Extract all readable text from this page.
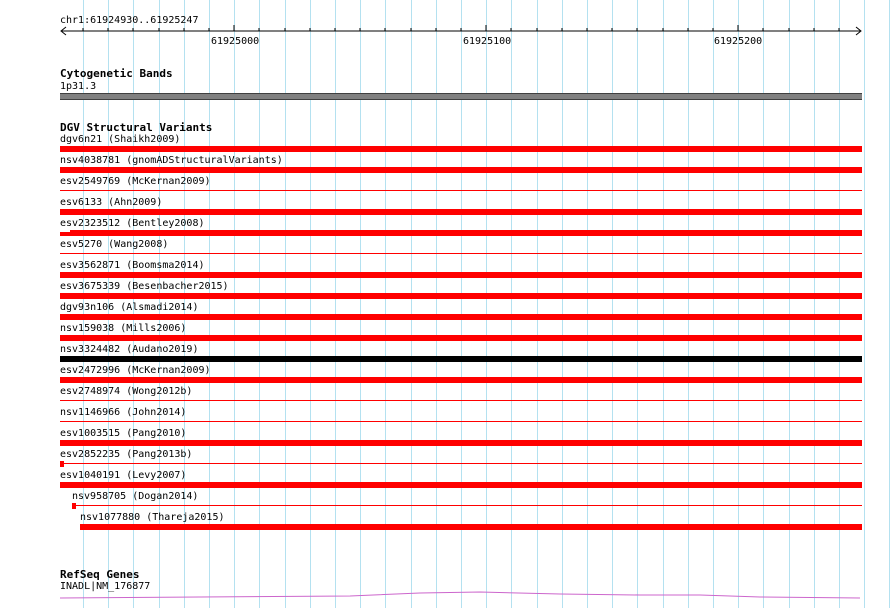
chr1:61924930..61925247
61925000	61925100	61925200
Cytogenetic Bands
1p31.3
DGV Structural Variants
dgv6n21 (Shaikh2009)
nsv4038781 (gnomADStructuralVariants)
esv2549769 (McKernan2009)
esv6133 (Ahn2009)
esv2323512 (Bentley2008)
esv5270 (Wang2008)
esv3562871 (Boomsma2014)
esv3675339 (Besenbacher2015)
dgv93n106 (Alsmadi2014)
nsv159038 (Mills2006)
nsv3324482 (Audano2019)
esv2472996 (McKernan2009)
esv2748974 (Wong2012b)
nsv1146966 (John2014)
esv1003515 (Pang2010)
esv2852235 (Pang2013b)
esv1040191 (Levy2007)
nsv958705 (Dogan2014)
nsv1077880 (Thareja2015)
RefSeq Genes
INADL|NM_176877
